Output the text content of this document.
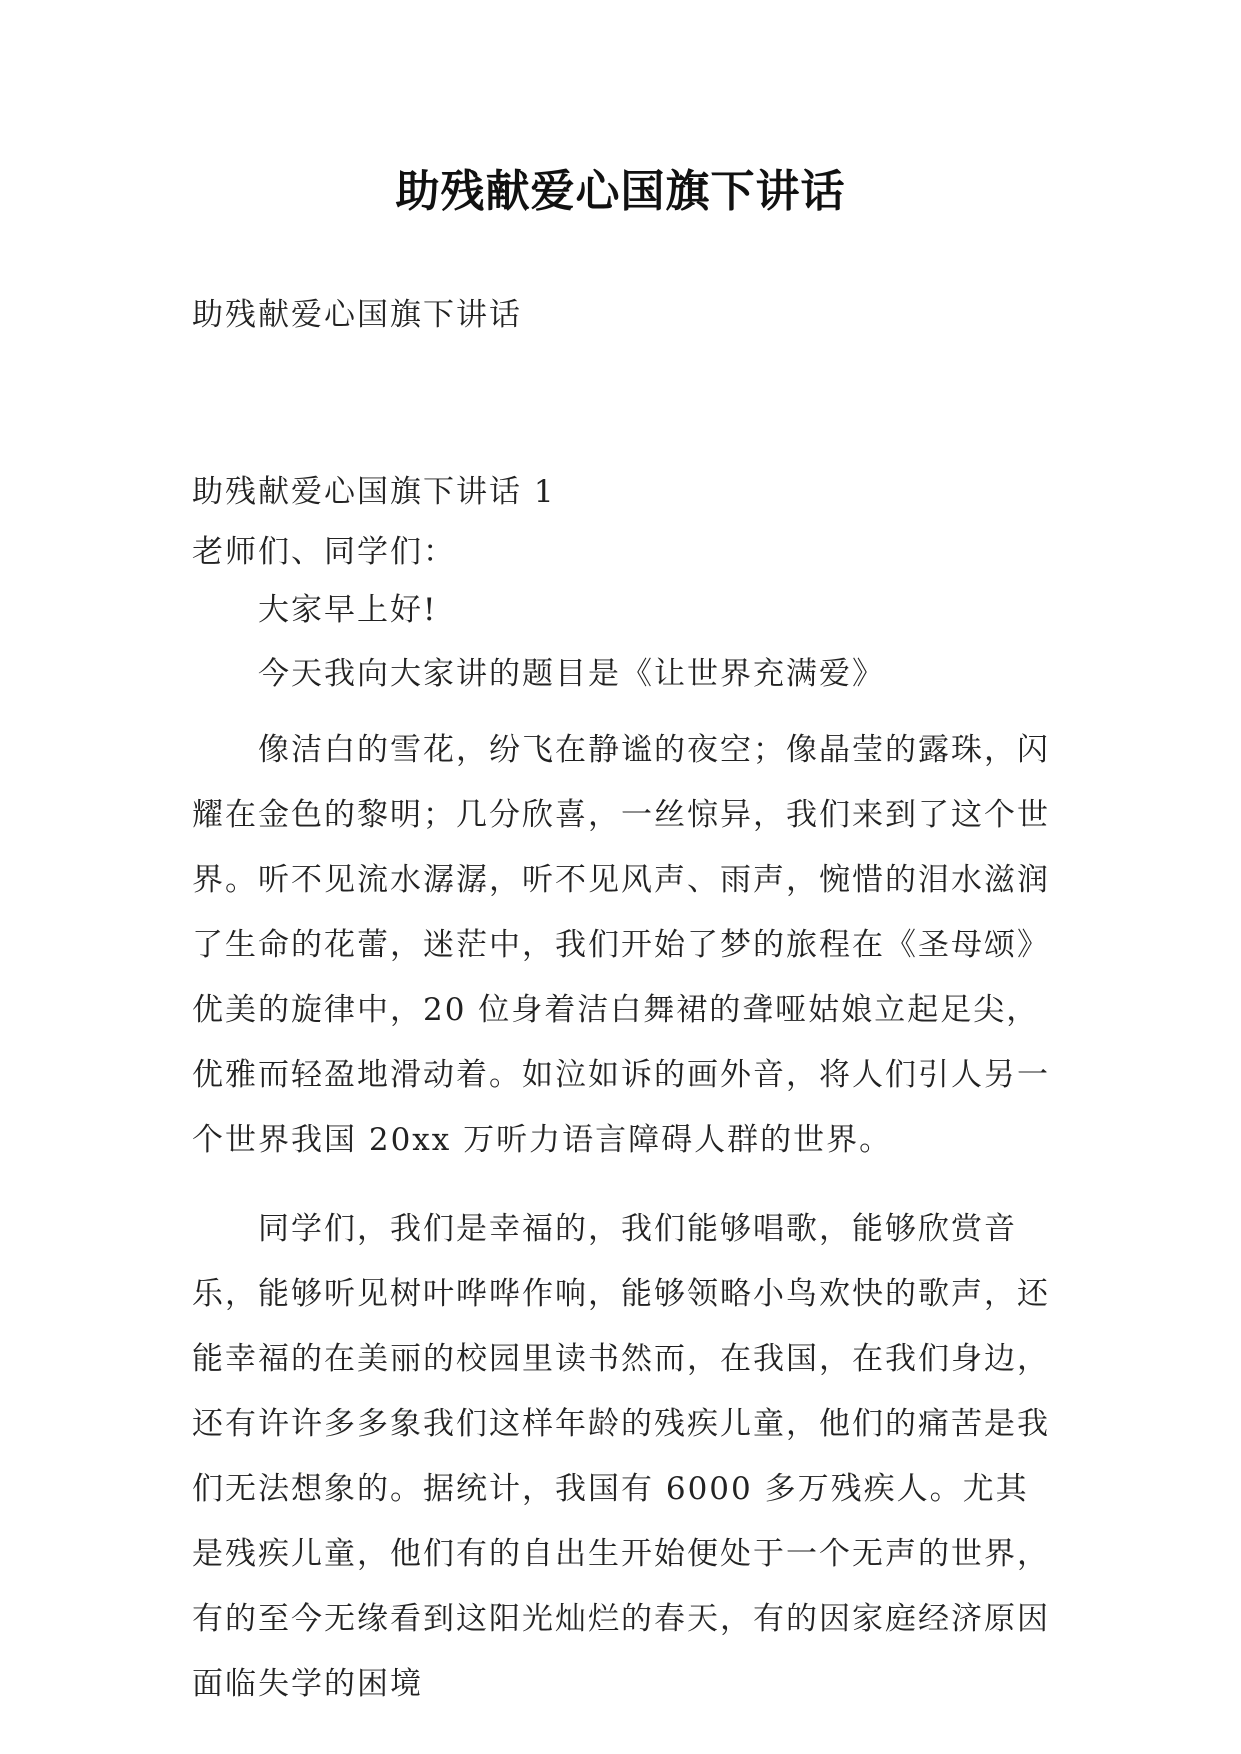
助残献爱心国旗下讲话

助残献爱心国旗下讲话

助残献爱心国旗下讲话 1

老师们、同学们：

大家早上好!

今天我向大家讲的题目是《让世界充满爱》

像洁白的雪花，纷飞在静谧的夜空；像晶莹的露珠，闪耀在金色的黎明；几分欣喜，一丝惊异，我们来到了这个世界。听不见流水潺潺，听不见风声、雨声，惋惜的泪水滋润了生命的花蕾，迷茫中，我们开始了梦的旅程在《圣母颂》优美的旋律中，20 位身着洁白舞裙的聋哑姑娘立起足尖，优雅而轻盈地滑动着。如泣如诉的画外音，将人们引人另一个世界我国 20xx 万听力语言障碍人群的世界。

同学们，我们是幸福的，我们能够唱歌，能够欣赏音乐，能够听见树叶哗哗作响，能够领略小鸟欢快的歌声，还能幸福的在美丽的校园里读书然而，在我国，在我们身边，还有许许多多象我们这样年龄的残疾儿童，他们的痛苦是我们无法想象的。据统计，我国有 6000 多万残疾人。尤其是残疾儿童，他们有的自出生开始便处于一个无声的世界，有的至今无缘看到这阳光灿烂的春天，有的因家庭经济原因面临失学的困境
